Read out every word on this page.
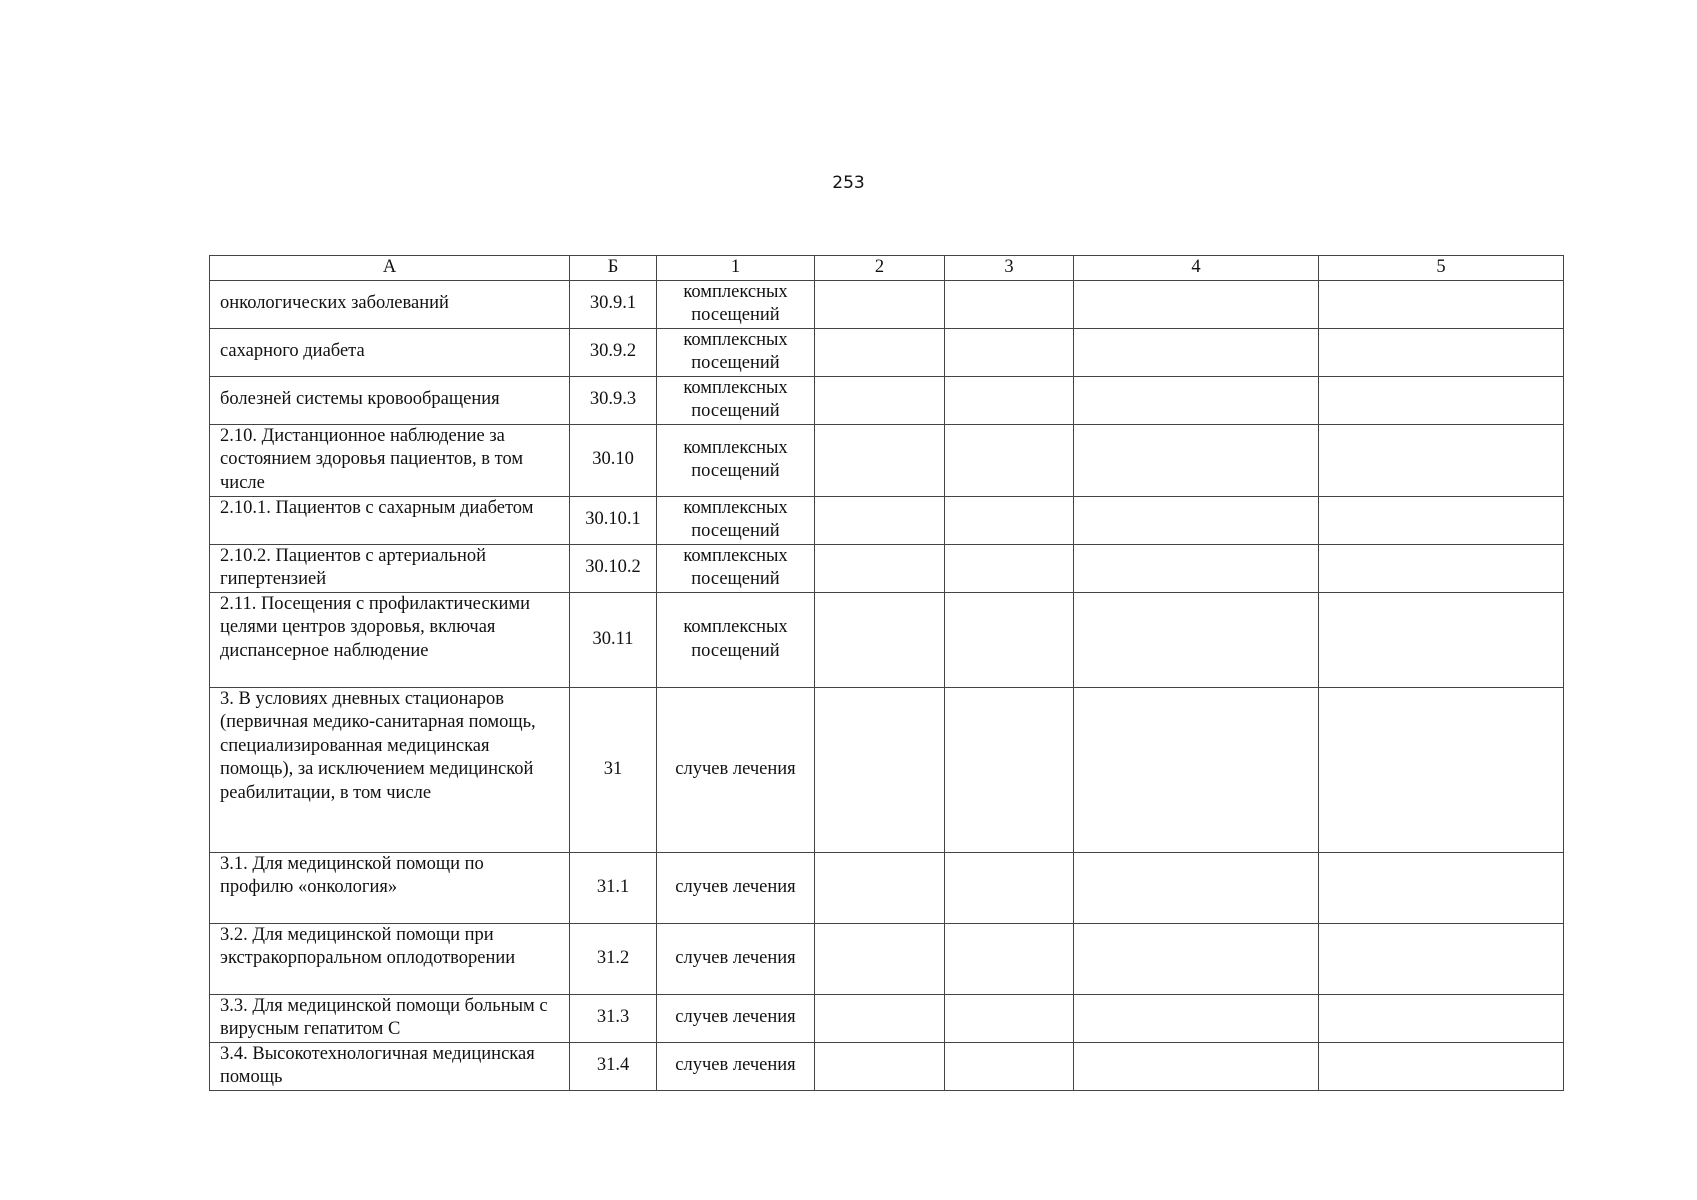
253
А	Б	1	2	3	4	5
онкологических заболеваний	30.9.1	комплексных посещений				
сахарного диабета	30.9.2	комплексных посещений				
болезней системы кровообращения	30.9.3	комплексных посещений				
2.10. Дистанционное наблюдение за состоянием здоровья пациентов, в том числе	30.10	комплексных посещений				
2.10.1. Пациентов с сахарным диабетом	30.10.1	комплексных посещений				
2.10.2. Пациентов с артериальной гипертензией	30.10.2	комплексных посещений				
2.11. Посещения с профилактическими целями центров здоровья, включая диспансерное наблюдение	30.11	комплексных посещений				
3. В условиях дневных стационаров (первичная медико-санитарная помощь, специализированная медицинская помощь), за исключением медицинской реабилитации, в том числе	31	случев лечения				
3.1. Для медицинской помощи по профилю «онкология»	31.1	случев лечения				
3.2. Для медицинской помощи при экстракорпоральном оплодотворении	31.2	случев лечения				
3.3. Для медицинской помощи больным с вирусным гепатитом С	31.3	случев лечения				
3.4. Высокотехнологичная медицинская помощь	31.4	случев лечения				
